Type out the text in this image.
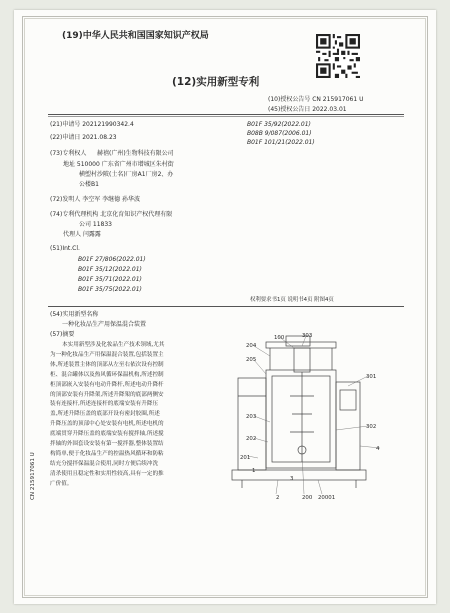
(19)中华人民共和国国家知识产权局
(12)实用新型专利
(10)授权公告号 CN 215917061 U
(45)授权公告日 2022.03.01
(21)申请号 202121990342.4
(22)申请日 2021.08.23
(73)专利权人 赫禧(广州)生物科技有限公司
地址 510000 广东省广州市增城区朱村街
横塱村沙陂(土名)厂房A1厂房2、办
公楼B1
(72)发明人 李空军 李继德 孙华波
(74)专利代理机构 北京化育知识产权代理有限
公司 11833
代理人 闫露露
(51)Int.Cl.
B01F 27/806(2022.01)
B01F 35/12(2022.01)
B01F 35/71(2022.01)
B01F 35/75(2022.01)
B01F 35/92(2022.01)
B08B 9/087(2006.01)
B01F 101/21(2022.01)
权利要求书1页 说明书4页 附图4页
(54)实用新型名称
一种化妆品生产用保温混合装置
(57)摘要

本实用新型涉及化妆品生产技术领域,尤其

为一种化妆品生产用保温混合装置,包括装置主

体,所述装置主体的顶部从左至右依次设有控制

柜、混合罐体以及热风循环保温机构,所述控制

柜顶部嵌入安装有电动升降杆,所述电动升降杆

的顶部安装有升降架,所述升降架的底部两侧安

装有连接杆,所述连接杆的底端安装有升降压

盖,所述升降压盖的底部开设有密封胶圈,所述

升降压盖的顶部中心处安装有电机,所述电机的

底端贯穿升降压盖的底端安装有搅拌轴,所述搅

拌轴的外围套设安装有第一搅拌器,整体装置结

构简单,便于化妆品生产的控温热风循环和防粘

结充分搅拌保温混合使用,同时方便后续冲洗

清杀使用且稳定性和实用性较高,具有一定的推

广价值。

CN 215917061 U
100	303
204
205
301
203
302
202
4
201
1
2	200 20001
3
